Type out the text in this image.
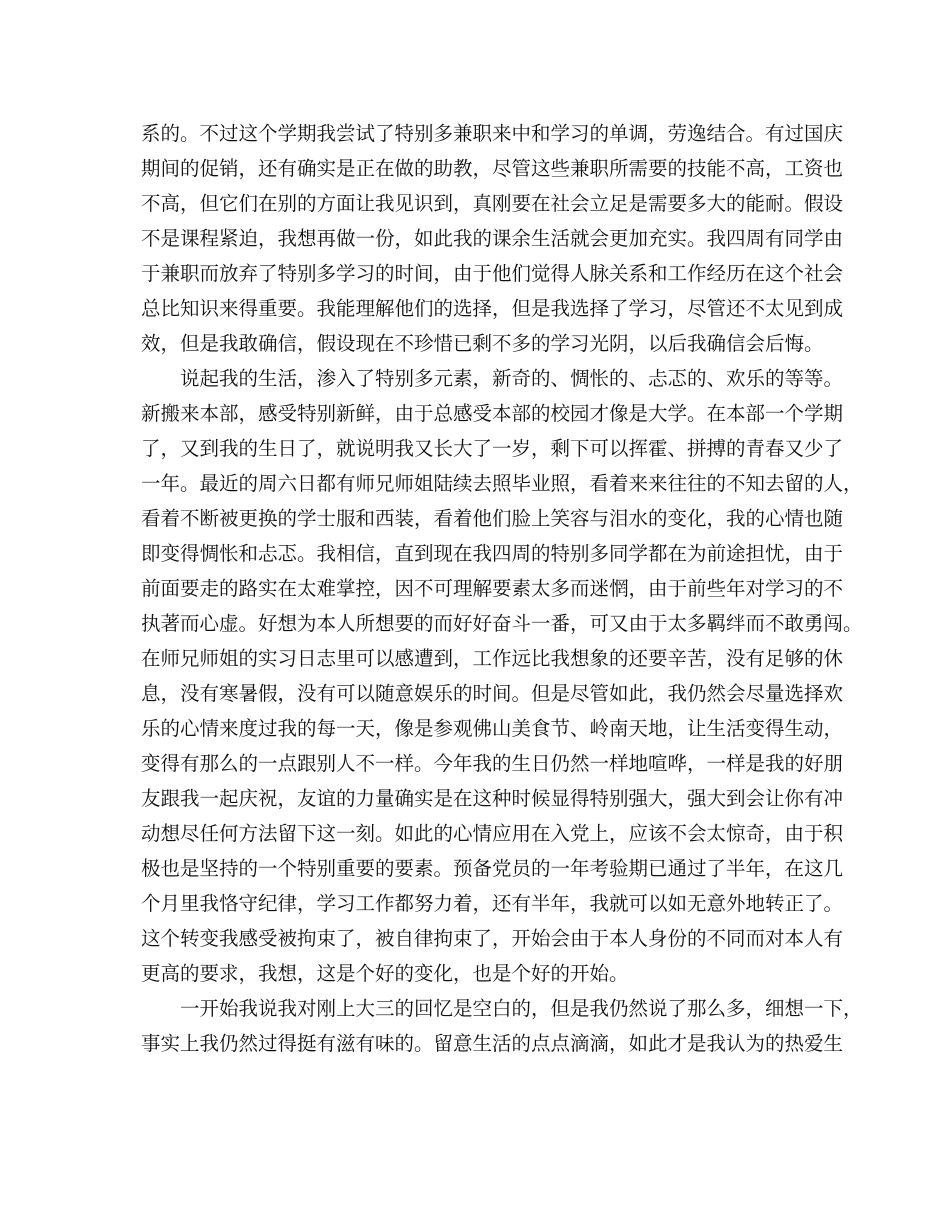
系的。不过这个学期我尝试了特别多兼职来中和学习的单调，劳逸结合。有过国庆
期间的促销，还有确实是正在做的助教，尽管这些兼职所需要的技能不高，工资也
不高，但它们在别的方面让我见识到，真刚要在社会立足是需要多大的能耐。假设
不是课程紧迫，我想再做一份，如此我的课余生活就会更加充实。我四周有同学由
于兼职而放弃了特别多学习的时间，由于他们觉得人脉关系和工作经历在这个社会
总比知识来得重要。我能理解他们的选择，但是我选择了学习，尽管还不太见到成
效，但是我敢确信，假设现在不珍惜已剩不多的学习光阴，以后我确信会后悔。
说起我的生活，渗入了特别多元素，新奇的、惆怅的、忐忑的、欢乐的等等。
新搬来本部，感受特别新鲜，由于总感受本部的校园才像是大学。在本部一个学期
了，又到我的生日了，就说明我又长大了一岁，剩下可以挥霍、拼搏的青春又少了
一年。最近的周六日都有师兄师姐陆续去照毕业照，看着来来往往的不知去留的人，
看着不断被更换的学士服和西装，看着他们脸上笑容与泪水的变化，我的心情也随
即变得惆怅和忐忑。我相信，直到现在我四周的特别多同学都在为前途担忧，由于
前面要走的路实在太难掌控，因不可理解要素太多而迷惘，由于前些年对学习的不
执著而心虚。好想为本人所想要的而好好奋斗一番，可又由于太多羁绊而不敢勇闯。
在师兄师姐的实习日志里可以感遭到，工作远比我想象的还要辛苦，没有足够的休
息，没有寒暑假，没有可以随意娱乐的时间。但是尽管如此，我仍然会尽量选择欢
乐的心情来度过我的每一天，像是参观佛山美食节、岭南天地，让生活变得生动，
变得有那么的一点跟别人不一样。今年我的生日仍然一样地喧哗，一样是我的好朋
友跟我一起庆祝，友谊的力量确实是在这种时候显得特别强大，强大到会让你有冲
动想尽任何方法留下这一刻。如此的心情应用在入党上，应该不会太惊奇，由于积
极也是坚持的一个特别重要的要素。预备党员的一年考验期已通过了半年，在这几
个月里我恪守纪律，学习工作都努力着，还有半年，我就可以如无意外地转正了。
这个转变我感受被拘束了，被自律拘束了，开始会由于本人身份的不同而对本人有
更高的要求，我想，这是个好的变化，也是个好的开始。
一开始我说我对刚上大三的回忆是空白的，但是我仍然说了那么多，细想一下，
事实上我仍然过得挺有滋有味的。留意生活的点点滴滴，如此才是我认为的热爱生
